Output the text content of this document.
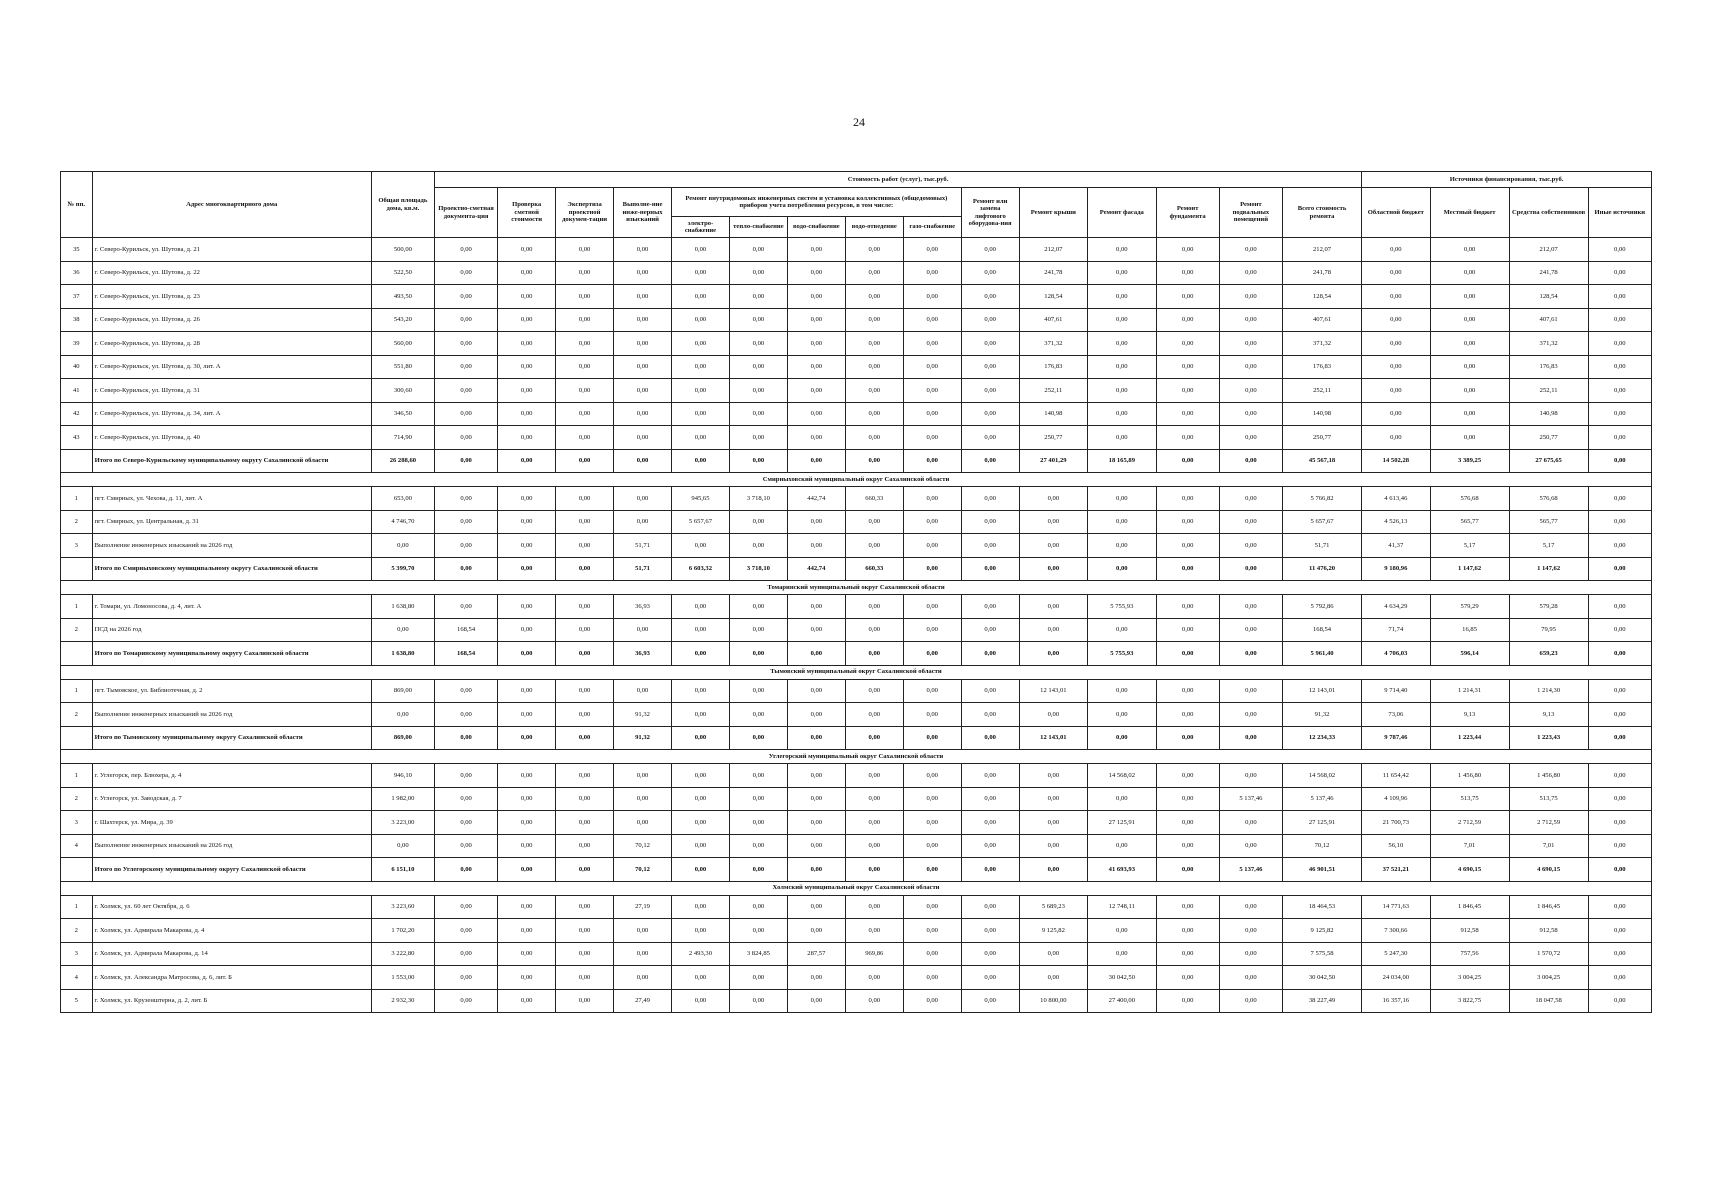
24
№ пп.	Адрес многоквартирного дома	Общая площадь дома, кв.м.	Стоимость работ (услуг), тыс.руб.															Источники финансирования, тыс.руб.			
			Проектно-сметная документа-ция	Проверка сметной стоимости	Экспертиза проектной докумен-тации	Выполне-ние инже-нерных изысканий	Ремонт внутридомовых инженерных систем и установка коллективных (общедомовых) приборов учета потребления ресурсов, в том числе:					Ремонт или замена лифтового оборудова-ния	Ремонт крыши	Ремонт фасада	Ремонт фундамента	Ремонт подвальных помещений	Всего стоимость ремонта	Областной бюджет	Местный бюджет	Средства собственников	Иные источники
							электро-снабжение	тепло-снабжение	водо-снабжение	водо-отведение	газо-снабжение										
35	г. Северо-Курильск, ул. Шутова, д. 21	500,00	0,00	0,00	0,00	0,00	0,00	0,00	0,00	0,00	0,00	0,00	212,07	0,00	0,00	0,00	212,07	0,00	0,00	212,07	0,00
36	г. Северо-Курильск, ул. Шутова, д. 22	522,50	0,00	0,00	0,00	0,00	0,00	0,00	0,00	0,00	0,00	0,00	241,78	0,00	0,00	0,00	241,78	0,00	0,00	241,78	0,00
37	г. Северо-Курильск, ул. Шутова, д. 23	493,50	0,00	0,00	0,00	0,00	0,00	0,00	0,00	0,00	0,00	0,00	128,54	0,00	0,00	0,00	128,54	0,00	0,00	128,54	0,00
38	г. Северо-Курильск, ул. Шутова, д. 26	543,20	0,00	0,00	0,00	0,00	0,00	0,00	0,00	0,00	0,00	0,00	407,61	0,00	0,00	0,00	407,61	0,00	0,00	407,61	0,00
39	г. Северо-Курильск, ул. Шутова, д. 28	560,00	0,00	0,00	0,00	0,00	0,00	0,00	0,00	0,00	0,00	0,00	371,32	0,00	0,00	0,00	371,32	0,00	0,00	371,32	0,00
40	г. Северо-Курильск, ул. Шутова, д. 30, лит. А	551,80	0,00	0,00	0,00	0,00	0,00	0,00	0,00	0,00	0,00	0,00	176,83	0,00	0,00	0,00	176,83	0,00	0,00	176,83	0,00
41	г. Северо-Курильск, ул. Шутова, д. 31	300,60	0,00	0,00	0,00	0,00	0,00	0,00	0,00	0,00	0,00	0,00	252,11	0,00	0,00	0,00	252,11	0,00	0,00	252,11	0,00
42	г. Северо-Курильск, ул. Шутова, д. 34, лит. А	346,50	0,00	0,00	0,00	0,00	0,00	0,00	0,00	0,00	0,00	0,00	140,98	0,00	0,00	0,00	140,98	0,00	0,00	140,98	0,00
43	г. Северо-Курильск, ул. Шутова, д. 40	714,90	0,00	0,00	0,00	0,00	0,00	0,00	0,00	0,00	0,00	0,00	250,77	0,00	0,00	0,00	250,77	0,00	0,00	250,77	0,00
	Итого по Северо-Курильскому муниципальному округу Сахалинской области	26 288,60	0,00	0,00	0,00	0,00	0,00	0,00	0,00	0,00	0,00	0,00	27 401,29	18 165,89	0,00	0,00	45 567,18	14 502,28	3 389,25	27 675,65	0,00
Смирныховский муниципальный округ Сахалинской области																					
1	пгт. Смирных, ул. Чехова, д. 11, лит. А	653,00	0,00	0,00	0,00	0,00	945,65	3 718,10	442,74	660,33	0,00	0,00	0,00	0,00	0,00	0,00	5 766,82	4 613,46	576,68	576,68	0,00
2	пгт. Смирных, ул. Центральная, д. 31	4 746,70	0,00	0,00	0,00	0,00	5 657,67	0,00	0,00	0,00	0,00	0,00	0,00	0,00	0,00	0,00	5 657,67	4 526,13	565,77	565,77	0,00
3	Выполнение инженерных изысканий на 2026 год	0,00	0,00	0,00	0,00	51,71	0,00	0,00	0,00	0,00	0,00	0,00	0,00	0,00	0,00	0,00	51,71	41,37	5,17	5,17	0,00
	Итого по Смирныховскому муниципальному округу Сахалинской области	5 399,70	0,00	0,00	0,00	51,71	6 603,32	3 718,10	442,74	660,33	0,00	0,00	0,00	0,00	0,00	0,00	11 476,20	9 180,96	1 147,62	1 147,62	0,00
Томаринский муниципальный округ Сахалинской области																					
1	г. Томари, ул. Ломоносова, д. 4, лит. А	1 638,80	0,00	0,00	0,00	36,93	0,00	0,00	0,00	0,00	0,00	0,00	0,00	5 755,93	0,00	0,00	5 792,86	4 634,29	579,29	579,28	0,00
2	ПСД на 2026 год	0,00	168,54	0,00	0,00	0,00	0,00	0,00	0,00	0,00	0,00	0,00	0,00	0,00	0,00	0,00	168,54	71,74	16,85	79,95	0,00
	Итого по Томаринскому муниципальному округу Сахалинской области	1 638,80	168,54	0,00	0,00	36,93	0,00	0,00	0,00	0,00	0,00	0,00	0,00	5 755,93	0,00	0,00	5 961,40	4 706,03	596,14	659,23	0,00
Тымовский муниципальный округ Сахалинской области																					
1	пгт. Тымовское, ул. Библиотечная, д. 2	869,00	0,00	0,00	0,00	0,00	0,00	0,00	0,00	0,00	0,00	0,00	12 143,01	0,00	0,00	0,00	12 143,01	9 714,40	1 214,31	1 214,30	0,00
2	Выполнение инженерных изысканий на 2026 год	0,00	0,00	0,00	0,00	91,32	0,00	0,00	0,00	0,00	0,00	0,00	0,00	0,00	0,00	0,00	91,32	73,06	9,13	9,13	0,00
	Итого по Тымовскому муниципальному округу Сахалинской области	869,00	0,00	0,00	0,00	91,32	0,00	0,00	0,00	0,00	0,00	0,00	12 143,01	0,00	0,00	0,00	12 234,33	9 787,46	1 223,44	1 223,43	0,00
Углегорский муниципальный округ Сахалинской области																					
1	г. Углегорск, пер. Блюхера, д. 4	946,10	0,00	0,00	0,00	0,00	0,00	0,00	0,00	0,00	0,00	0,00	0,00	14 568,02	0,00	0,00	14 568,02	11 654,42	1 456,80	1 456,80	0,00
2	г. Углегорск, ул. Заводская, д. 7	1 982,00	0,00	0,00	0,00	0,00	0,00	0,00	0,00	0,00	0,00	0,00	0,00	0,00	0,00	5 137,46	5 137,46	4 109,96	513,75	513,75	0,00
3	г. Шахтерск, ул. Мира, д. 39	3 223,00	0,00	0,00	0,00	0,00	0,00	0,00	0,00	0,00	0,00	0,00	0,00	27 125,91	0,00	0,00	27 125,91	21 700,73	2 712,59	2 712,59	0,00
4	Выполнение инженерных изысканий на 2026 год	0,00	0,00	0,00	0,00	70,12	0,00	0,00	0,00	0,00	0,00	0,00	0,00	0,00	0,00	0,00	70,12	56,10	7,01	7,01	0,00
	Итого по Углегорскому муниципальному округу Сахалинской области	6 151,10	0,00	0,00	0,00	70,12	0,00	0,00	0,00	0,00	0,00	0,00	0,00	41 693,93	0,00	5 137,46	46 901,51	37 521,21	4 690,15	4 690,15	0,00
Холмский муниципальный округ Сахалинской области																					
1	г. Холмск, ул. 60 лет Октября, д. 6	3 223,60	0,00	0,00	0,00	27,19	0,00	0,00	0,00	0,00	0,00	0,00	5 689,23	12 748,11	0,00	0,00	18 464,53	14 771,63	1 846,45	1 846,45	0,00
2	г. Холмск, ул. Адмирала Макарова, д. 4	1 702,20	0,00	0,00	0,00	0,00	0,00	0,00	0,00	0,00	0,00	0,00	9 125,82	0,00	0,00	0,00	9 125,82	7 300,66	912,58	912,58	0,00
3	г. Холмск, ул. Адмирала Макарова, д. 14	3 222,80	0,00	0,00	0,00	0,00	2 493,30	3 824,85	287,57	969,86	0,00	0,00	0,00	0,00	0,00	0,00	7 575,58	5 247,30	757,56	1 570,72	0,00
4	г. Холмск, ул. Александра Матросова, д. 6, лит. Б	1 553,00	0,00	0,00	0,00	0,00	0,00	0,00	0,00	0,00	0,00	0,00	0,00	30 042,50	0,00	0,00	30 042,50	24 034,00	3 004,25	3 004,25	0,00
5	г. Холмск, ул. Крузенштерна, д. 2, лит. Б	2 932,30	0,00	0,00	0,00	27,49	0,00	0,00	0,00	0,00	0,00	0,00	10 800,00	27 400,00	0,00	0,00	38 227,49	16 357,16	3 822,75	18 047,58	0,00
